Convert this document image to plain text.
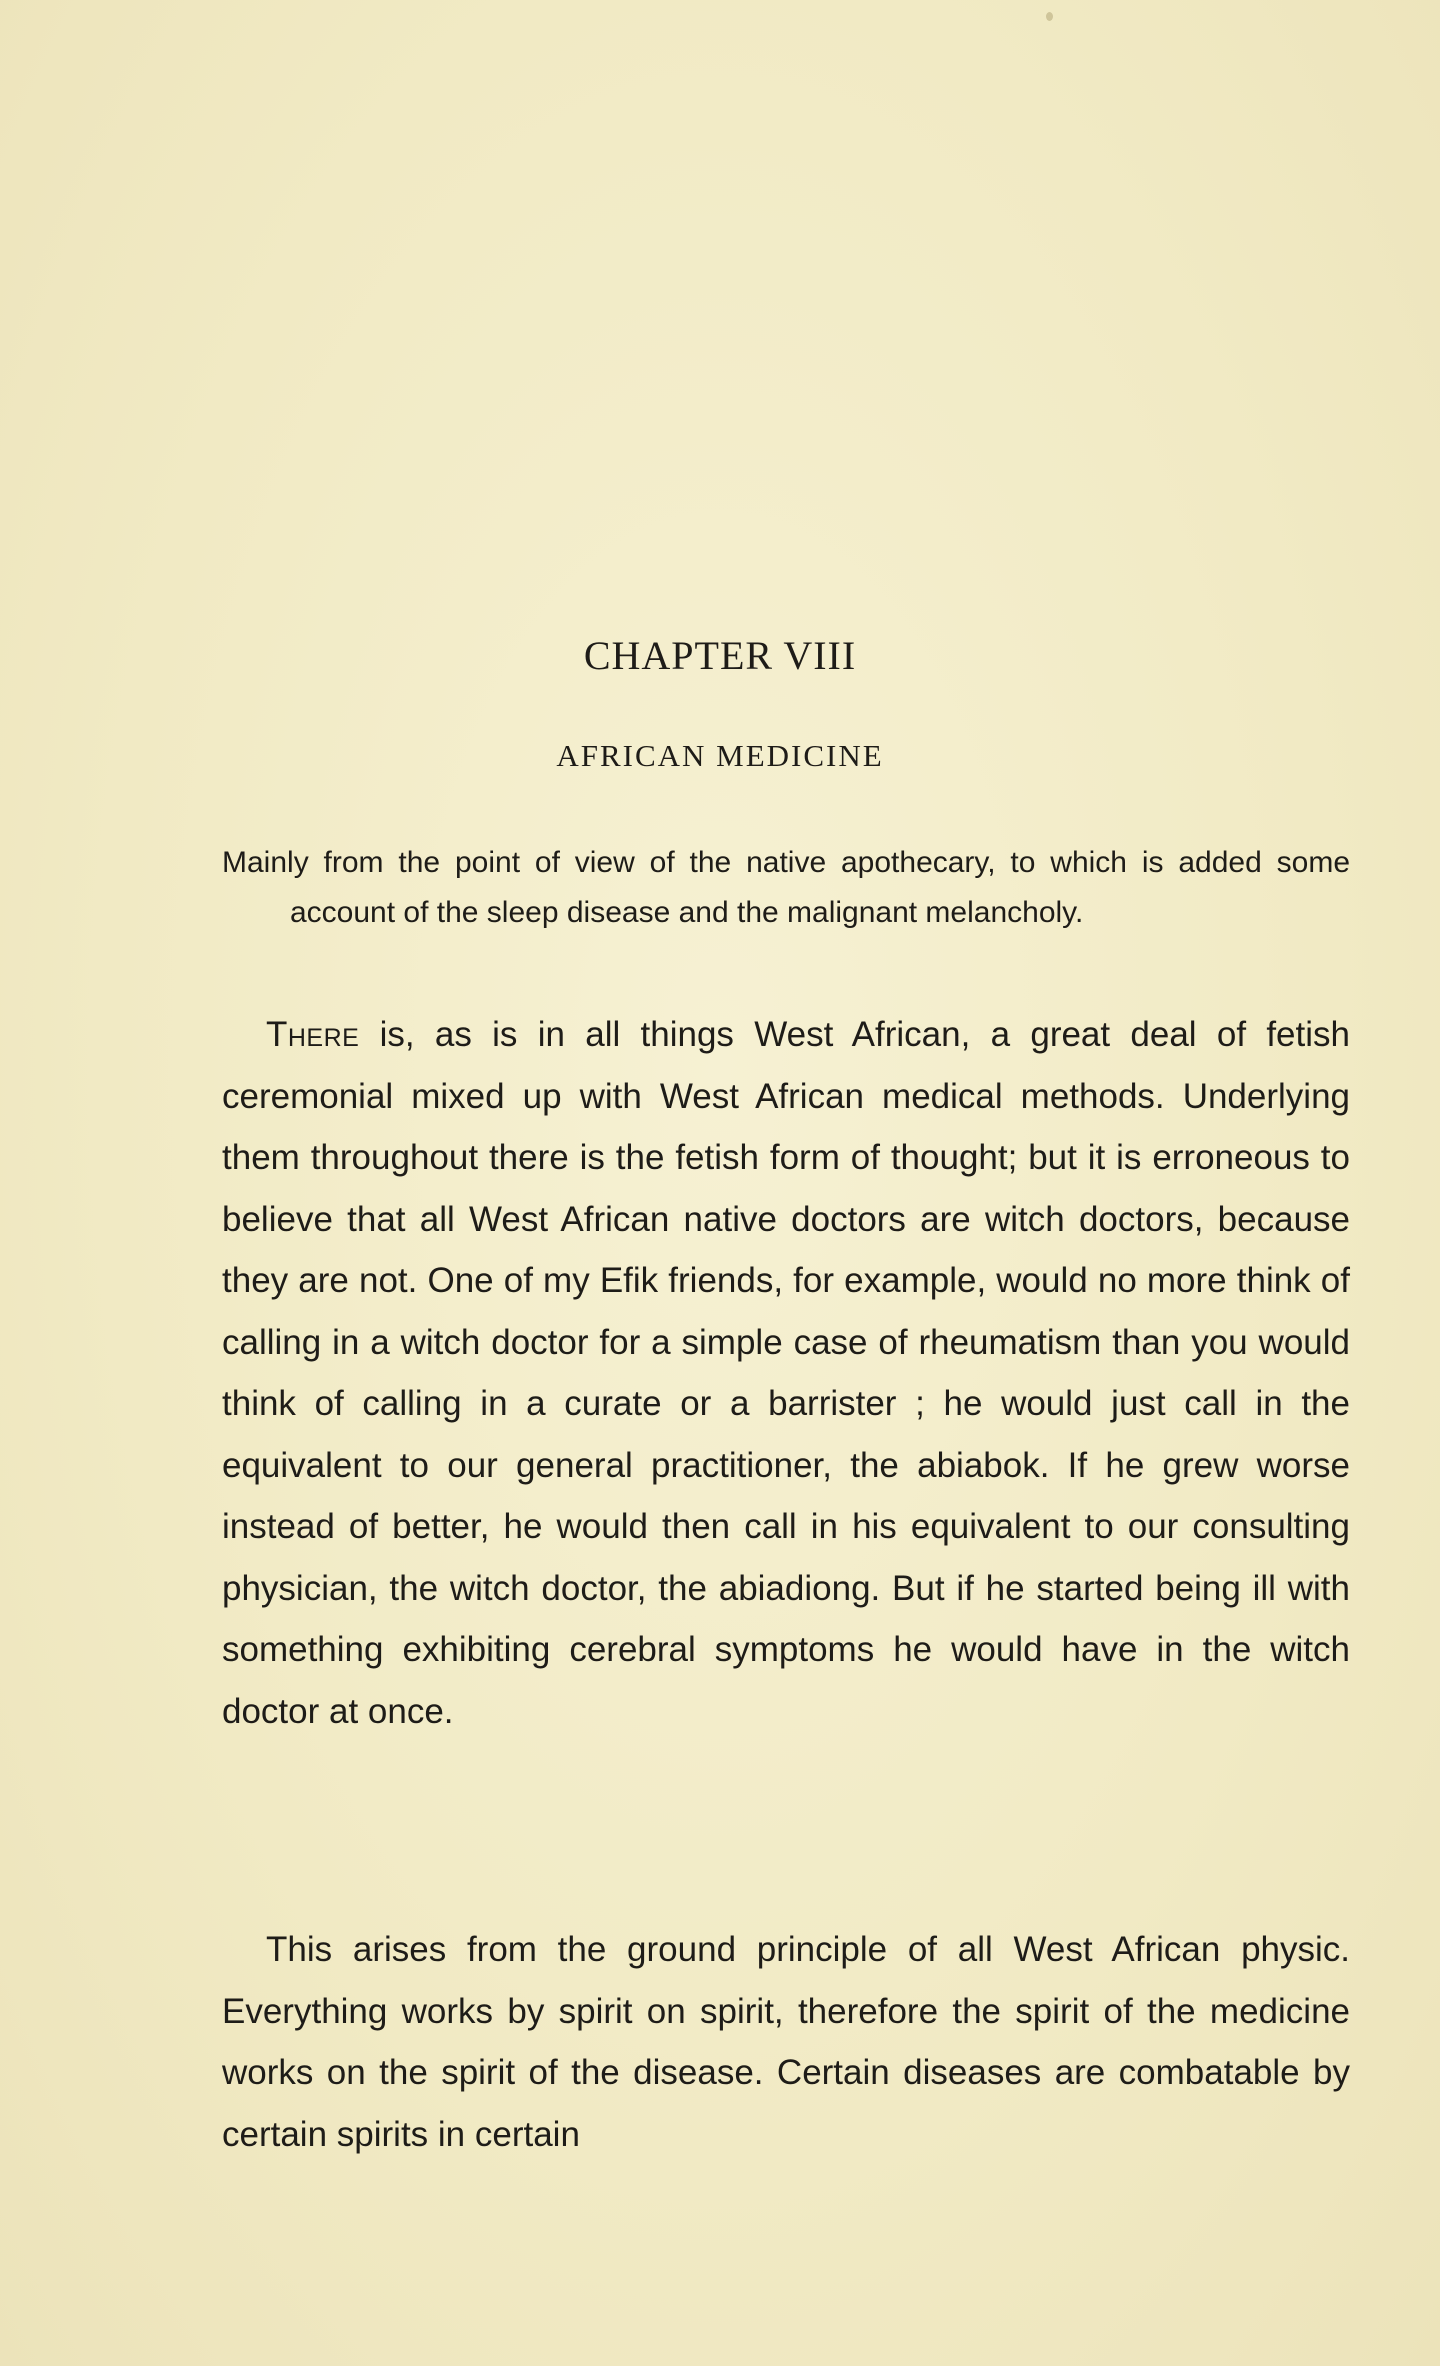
CHAPTER VIII
AFRICAN MEDICINE
Mainly from the point of view of the native apothecary, to which is added some account of the sleep disease and the malignant melancholy.

There is, as is in all things West African, a great deal of fetish ceremonial mixed up with West African medical methods. Underlying them throughout there is the fetish form of thought; but it is erroneous to believe that all West African native doctors are witch doctors, because they are not. One of my Efik friends, for example, would no more think of calling in a witch doctor for a simple case of rheumatism than you would think of calling in a curate or a barrister ; he would just call in the equivalent to our general practitioner, the abiabok. If he grew worse instead of better, he would then call in his equivalent to our consulting physician, the witch doctor, the abiadiong. But if he started being ill with something exhibiting cerebral symptoms he would have in the witch doctor at once.

This arises from the ground principle of all West African physic. Everything works by spirit on spirit, therefore the spirit of the medicine works on the spirit of the disease. Certain diseases are combatable by certain spirits in certain
